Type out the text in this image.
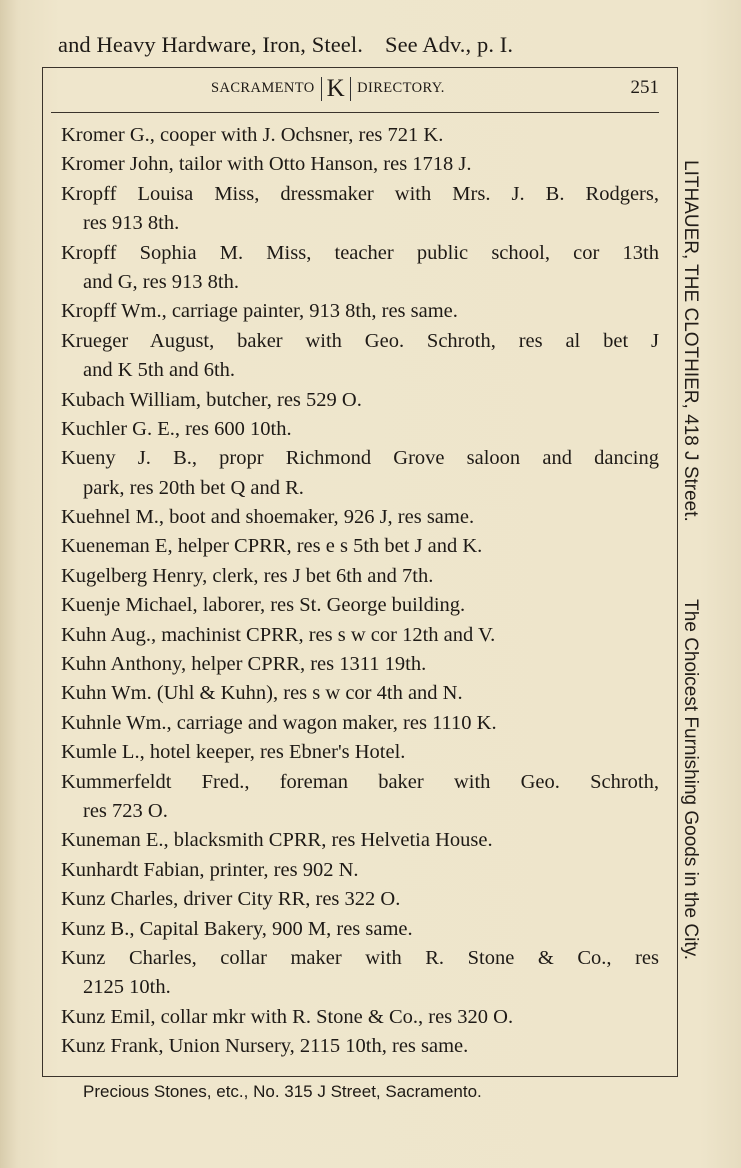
and Heavy Hardware, Iron, Steel. See Adv., p. I.
SACRAMENTO K DIRECTORY.	251
Kromer G., cooper with J. Ochsner, res 721 K.
Kromer John, tailor with Otto Hanson, res 1718 J.
Kropff Louisa Miss, dressmaker with Mrs. J. B. Rodgers,
res 913 8th.
Kropff Sophia M. Miss, teacher public school, cor 13th
and G, res 913 8th.
Kropff Wm., carriage painter, 913 8th, res same.
Krueger August, baker with Geo. Schroth, res al bet J
and K 5th and 6th.
Kubach William, butcher, res 529 O.
Kuchler G. E., res 600 10th.
Kueny J. B., propr Richmond Grove saloon and dancing
park, res 20th bet Q and R.
Kuehnel M., boot and shoemaker, 926 J, res same.
Kueneman E, helper CPRR, res e s 5th bet J and K.
Kugelberg Henry, clerk, res J bet 6th and 7th.
Kuenje Michael, laborer, res St. George building.
Kuhn Aug., machinist CPRR, res s w cor 12th and V.
Kuhn Anthony, helper CPRR, res 1311 19th.
Kuhn Wm. (Uhl & Kuhn), res s w cor 4th and N.
Kuhnle Wm., carriage and wagon maker, res 1110 K.
Kumle L., hotel keeper, res Ebner's Hotel.
Kummerfeldt Fred., foreman baker with Geo. Schroth,
res 723 O.
Kuneman E., blacksmith CPRR, res Helvetia House.
Kunhardt Fabian, printer, res 902 N.
Kunz Charles, driver City RR, res 322 O.
Kunz B., Capital Bakery, 900 M, res same.
Kunz Charles, collar maker with R. Stone & Co., res
2125 10th.
Kunz Emil, collar mkr with R. Stone & Co., res 320 O.
Kunz Frank, Union Nursery, 2115 10th, res same.
LITHAUER, THE CLOTHIER, 418 J Street.
The Choicest Furnishing Goods in the City.
Precious Stones, etc., No. 315 J Street, Sacramento.
